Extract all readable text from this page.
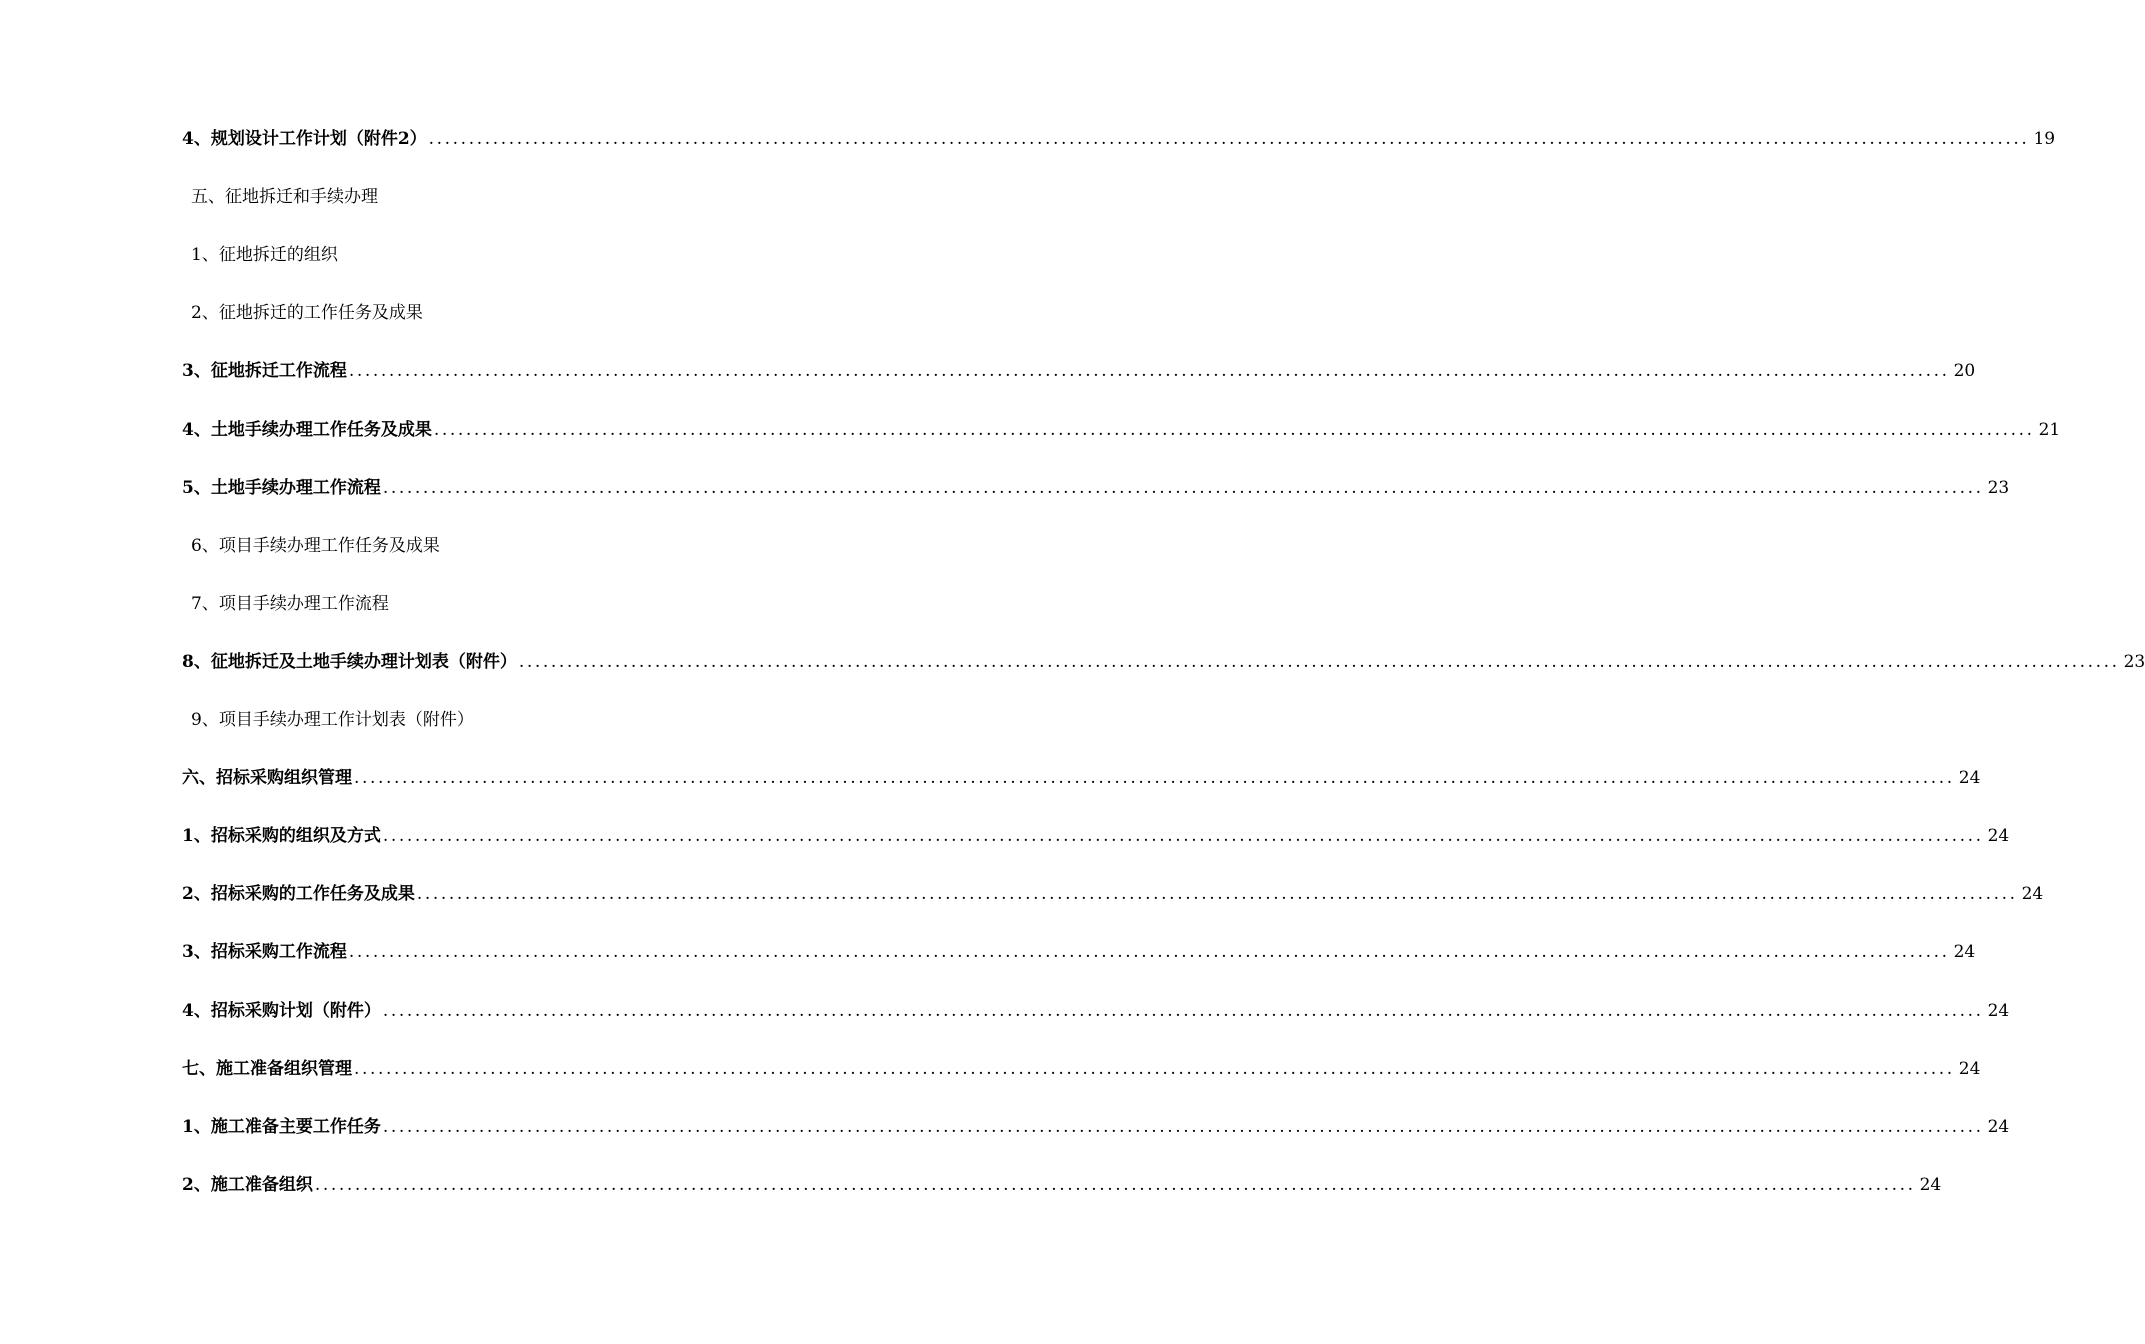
4、规划设计工作计划（附件2） ........................................................................................................................................................................................................ 19
五、征地拆迁和手续办理
1、征地拆迁的组织
2、征地拆迁的工作任务及成果
3、征地拆迁工作流程 ........................................................................................................................................................................................................ 20
4、土地手续办理工作任务及成果 ........................................................................................................................................................................................................ 21
5、土地手续办理工作流程 ........................................................................................................................................................................................................ 23
6、项目手续办理工作任务及成果
7、项目手续办理工作流程
8、征地拆迁及土地手续办理计划表（附件） ........................................................................................................................................................................................................ 23
9、项目手续办理工作计划表（附件）
六、招标采购组织管理 ........................................................................................................................................................................................................ 24
1、招标采购的组织及方式 ........................................................................................................................................................................................................ 24
2、招标采购的工作任务及成果 ........................................................................................................................................................................................................ 24
3、招标采购工作流程 ........................................................................................................................................................................................................ 24
4、招标采购计划（附件） ........................................................................................................................................................................................................ 24
七、施工准备组织管理 ........................................................................................................................................................................................................ 24
1、施工准备主要工作任务 ........................................................................................................................................................................................................ 24
2、施工准备组织 ........................................................................................................................................................................................................ 24
